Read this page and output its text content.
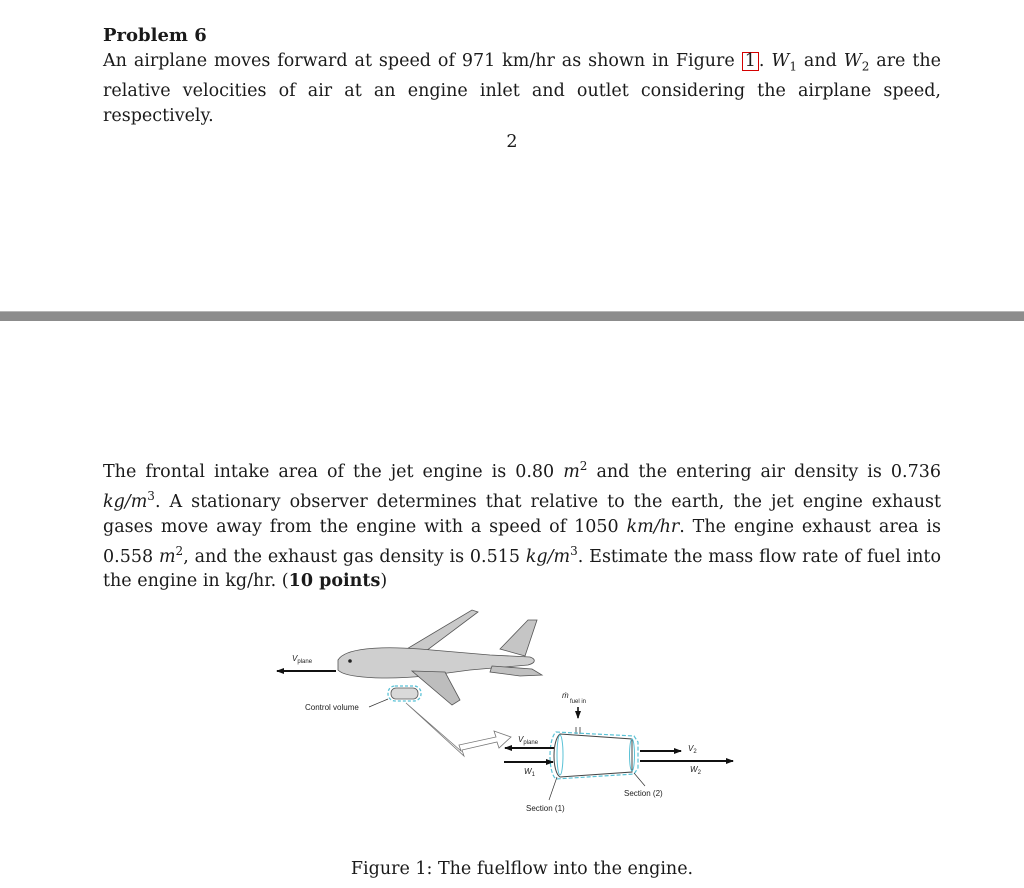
Problem 6

An airplane moves forward at speed of 971 km/hr as shown in Figure 1 . $W_1$ and $W_2$ are the relative velocities of air at an engine inlet and outlet considering the airplane speed, respectively.

2

The frontal intake area of the jet engine is 0.80 $m^2$ and the entering air density is 0.736 $kg/m^3$. A stationary observer determines that relative to the earth, the jet engine exhaust gases move away from the engine with a speed of 1050 km/hr. The engine exhaust area is 0.558 $m^2$, and the exhaust gas density is 0.515 $kg/m^3$. Estimate the mass flow rate of fuel into the engine in kg/hr. (10 points)

$V_{plane}$
Control volume
ṁ
fuel in
$V_{plane}$
$W_1$
$V_2$
$W_2$
Section (1)
Section (2)
Figure 1: The fuelflow into the engine.
